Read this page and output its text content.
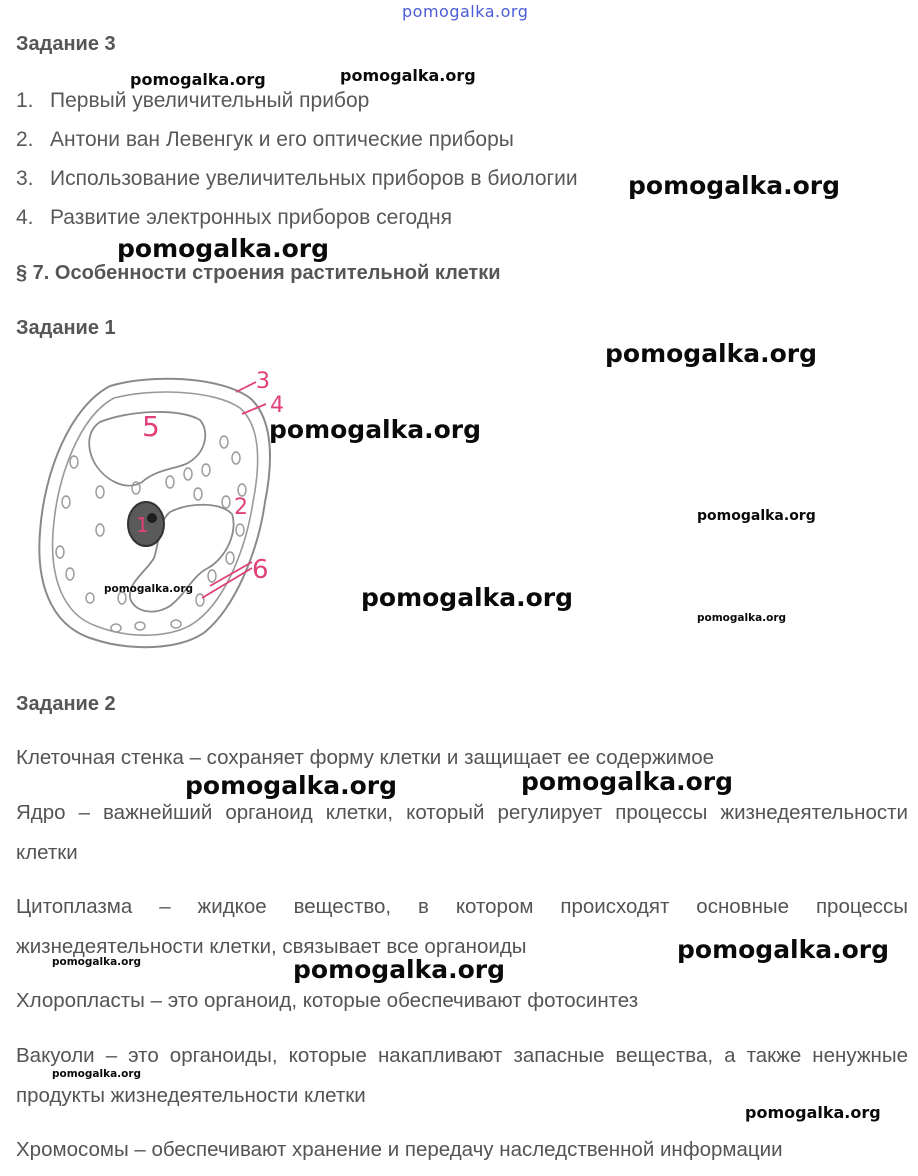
pomogalka.org
Задание 3
1. Первый увеличительный прибор
2. Антони ван Левенгук и его оптические приборы
3. Использование увеличительных приборов в биологии
4. Развитие электронных приборов сегодня
§ 7. Особенности строения растительной клетки
Задание 1
1
2
3
4
5
6
Задание 2
Клеточная стенка – сохраняет форму клетки и защищает ее содержимое
Ядро – важнейший органоид клетки, который регулирует процессы жизнедеятельности клетки
Цитоплазма – жидкое вещество, в котором происходят основные процессы жизнедеятельности клетки, связывает все органоиды
Хлоропласты – это органоид, которые обеспечивают фотосинтез
Вакуоли – это органоиды, которые накапливают запасные вещества, а также ненужные продукты жизнедеятельности клетки
Хромосомы – обеспечивают хранение и передачу наследственной информации
pomogalka.org	pomogalka.org
pomogalka.org
pomogalka.org
pomogalka.org
pomogalka.org
pomogalka.org
pomogalka.org	pomogalka.org
pomogalka.org
pomogalka.org	pomogalka.org
pomogalka.org
pomogalka.org	pomogalka.org
pomogalka.org
pomogalka.org
